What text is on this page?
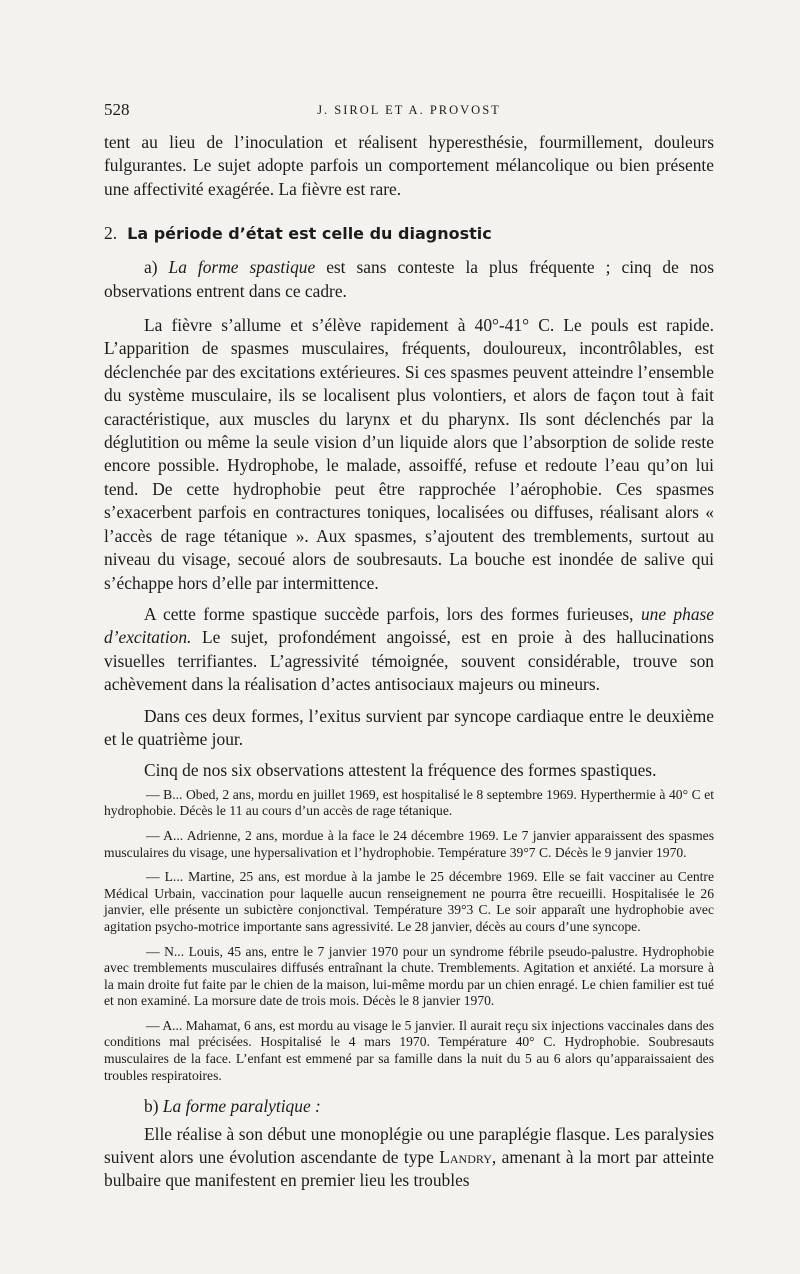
528	J. SIROL ET A. PROVOST

tent au lieu de l’inoculation et réalisent hyperesthésie, fourmillement, douleurs fulgurantes. Le sujet adopte parfois un comportement mélancolique ou bien présente une affectivité exagérée. La fièvre est rare.

2. La période d’état est celle du diagnostic

a) La forme spastique est sans conteste la plus fréquente ; cinq de nos observations entrent dans ce cadre.

La fièvre s’allume et s’élève rapidement à 40°-41° C. Le pouls est rapide. L’apparition de spasmes musculaires, fréquents, douloureux, incontrôlables, est déclenchée par des excitations extérieures. Si ces spasmes peuvent atteindre l’ensemble du système musculaire, ils se localisent plus volontiers, et alors de façon tout à fait caractéristique, aux muscles du larynx et du pharynx. Ils sont déclenchés par la déglutition ou même la seule vision d’un liquide alors que l’absorption de solide reste encore possible. Hydrophobe, le malade, assoiffé, refuse et redoute l’eau qu’on lui tend. De cette hydrophobie peut être rapprochée l’aérophobie. Ces spasmes s’exacerbent parfois en contractures toniques, localisées ou diffuses, réalisant alors « l’accès de rage tétanique ». Aux spasmes, s’ajoutent des tremblements, surtout au niveau du visage, secoué alors de soubresauts. La bouche est inondée de salive qui s’échappe hors d’elle par intermittence.

A cette forme spastique succède parfois, lors des formes furieuses, une phase d’excitation. Le sujet, profondément angoissé, est en proie à des hallucinations visuelles terrifiantes. L’agressivité témoignée, souvent considérable, trouve son achèvement dans la réalisation d’actes antisociaux majeurs ou mineurs.

Dans ces deux formes, l’exitus survient par syncope cardiaque entre le deuxième et le quatrième jour.

Cinq de nos six observations attestent la fréquence des formes spastiques.

— B... Obed, 2 ans, mordu en juillet 1969, est hospitalisé le 8 septembre 1969. Hyperthermie à 40° C et hydrophobie. Décès le 11 au cours d’un accès de rage tétanique.

— A... Adrienne, 2 ans, mordue à la face le 24 décembre 1969. Le 7 janvier apparaissent des spasmes musculaires du visage, une hypersalivation et l’hydrophobie. Température 39°7 C. Décès le 9 janvier 1970.

— L... Martine, 25 ans, est mordue à la jambe le 25 décembre 1969. Elle se fait vacciner au Centre Médical Urbain, vaccination pour laquelle aucun renseignement ne pourra être recueilli. Hospitalisée le 26 janvier, elle présente un subictère conjonctival. Température 39°3 C. Le soir apparaît une hydrophobie avec agitation psycho-motrice importante sans agressivité. Le 28 janvier, décès au cours d’une syncope.

— N... Louis, 45 ans, entre le 7 janvier 1970 pour un syndrome fébrile pseudo-palustre. Hydrophobie avec tremblements musculaires diffusés entraînant la chute. Tremblements. Agitation et anxiété. La morsure à la main droite fut faite par le chien de la maison, lui-même mordu par un chien enragé. Le chien familier est tué et non examiné. La morsure date de trois mois. Décès le 8 janvier 1970.

— A... Mahamat, 6 ans, est mordu au visage le 5 janvier. Il aurait reçu six injections vaccinales dans des conditions mal précisées. Hospitalisé le 4 mars 1970. Température 40° C. Hydrophobie. Soubresauts musculaires de la face. L’enfant est emmené par sa famille dans la nuit du 5 au 6 alors qu’apparaissaient des troubles respiratoires.

b) La forme paralytique :

Elle réalise à son début une monoplégie ou une paraplégie flasque. Les paralysies suivent alors une évolution ascendante de type Landry, amenant à la mort par atteinte bulbaire que manifestent en premier lieu les troubles
